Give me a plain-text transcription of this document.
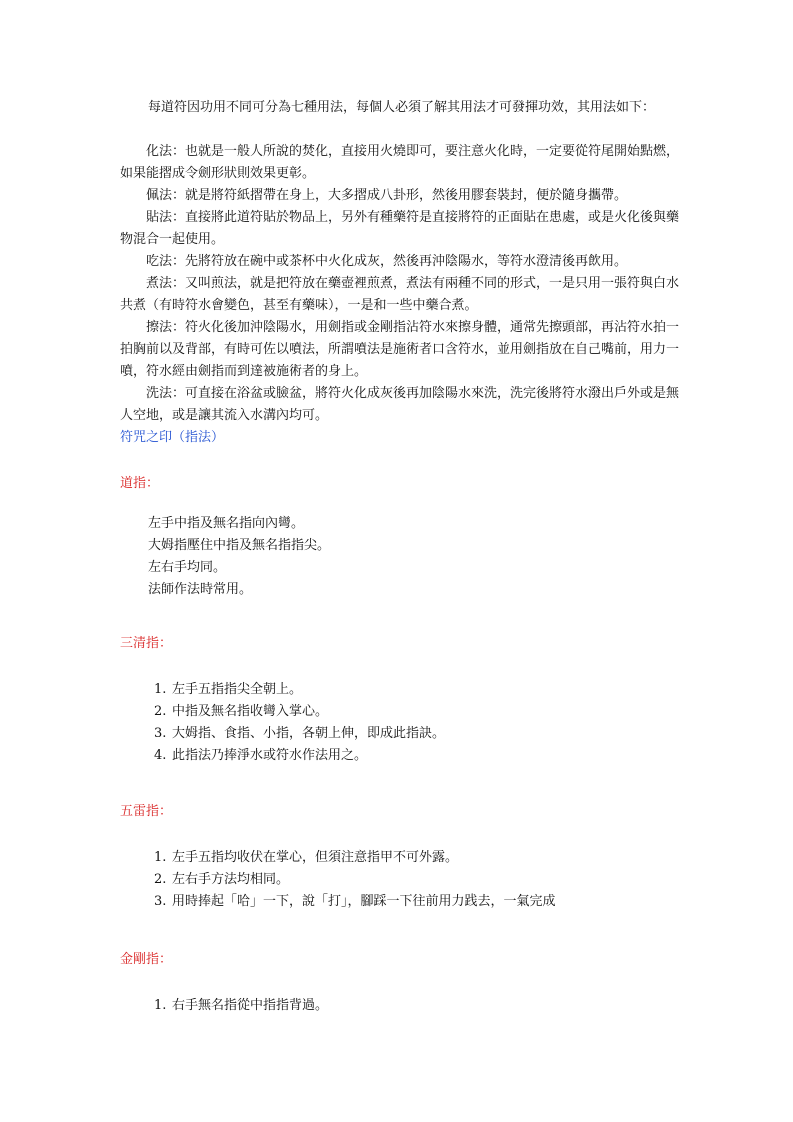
每道符因功用不同可分為七種用法，每個人必須了解其用法才可發揮功效，其用法如下：

化法：也就是一般人所說的焚化，直接用火燒即可，要注意火化時，一定要從符尾開始點燃，如果能摺成令劍形狀則效果更彰。

佩法：就是將符紙摺帶在身上，大多摺成八卦形，然後用膠套裝封，便於隨身攜帶。

貼法：直接將此道符貼於物品上，另外有種藥符是直接將符的正面貼在患處，或是火化後與藥物混合一起使用。

吃法：先將符放在碗中或茶杯中火化成灰，然後再沖陰陽水，等符水澄清後再飲用。

煮法：又叫煎法，就是把符放在藥壺裡煎煮，煮法有兩種不同的形式，一是只用一張符與白水共煮（有時符水會變色，甚至有藥味），一是和一些中藥合煮。

擦法：符火化後加沖陰陽水，用劍指或金剛指沾符水來擦身體，通常先擦頭部，再沾符水拍一拍胸前以及背部，有時可佐以噴法，所謂噴法是施術者口含符水，並用劍指放在自己嘴前，用力一噴，符水經由劍指而到達被施術者的身上。

洗法：可直接在浴盆或臉盆，將符火化成灰後再加陰陽水來洗，洗完後將符水潑出戶外或是無人空地，或是讓其流入水溝內均可。

符咒之印（指法）

道指：

左手中指及無名指向內彎。
大姆指壓住中指及無名指指尖。
左右手均同。
法師作法時常用。

三清指：

1. 左手五指指尖全朝上。
2. 中指及無名指收彎入掌心。
3. 大姆指、食指、小指，各朝上伸，即成此指訣。
4. 此指法乃捧淨水或符水作法用之。

五雷指：

1. 左手五指均收伏在掌心，但須注意指甲不可外露。
2. 左右手方法均相同。
3. 用時捧起「哈」一下，說「打」，腳踩一下往前用力践去，一氣完成

金剛指：

1. 右手無名指從中指指背過。
